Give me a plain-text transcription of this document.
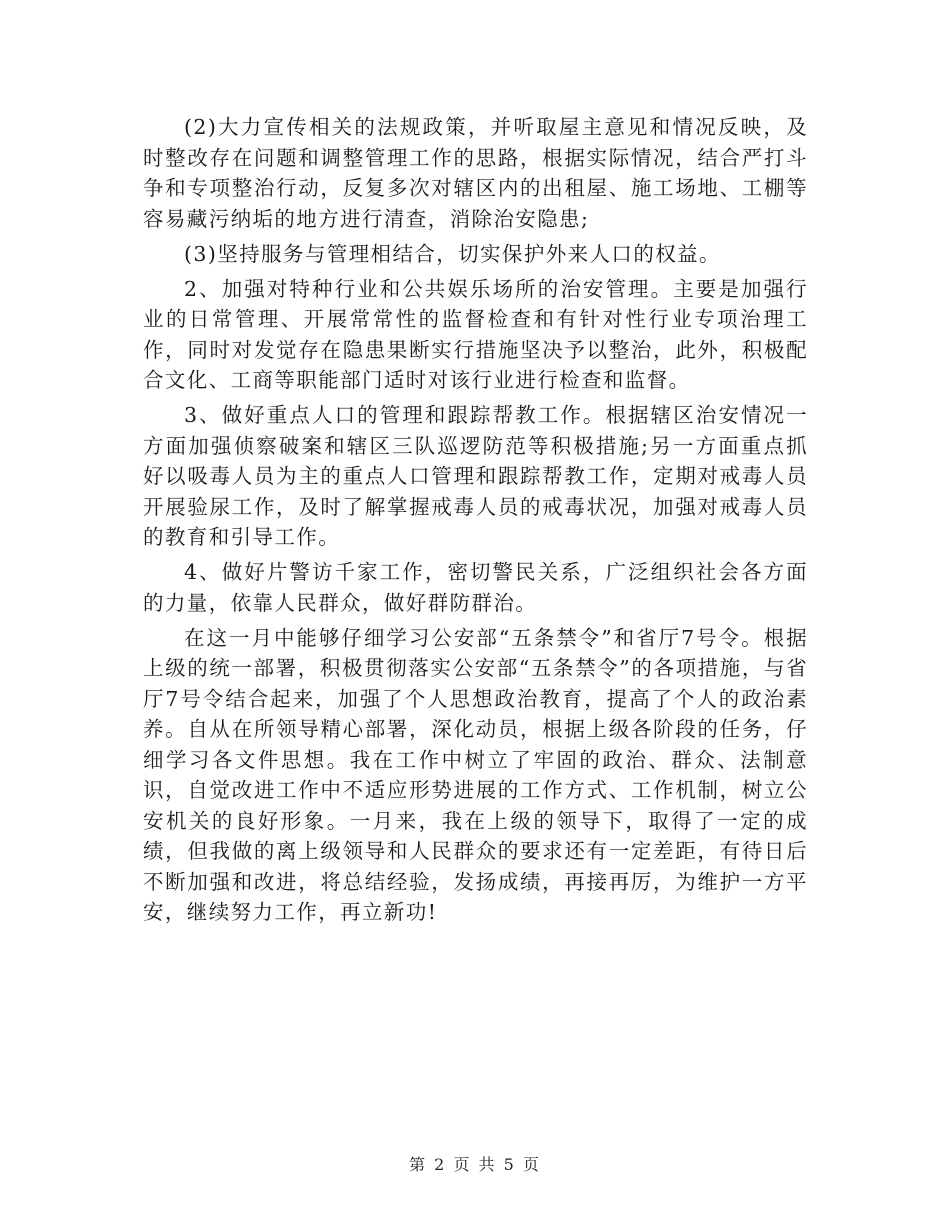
(2)大力宣传相关的法规政策，并听取屋主意见和情况反映，及时整改存在问题和调整管理工作的思路，根据实际情况，结合严打斗争和专项整治行动，反复多次对辖区内的出租屋、施工场地、工棚等容易藏污纳垢的地方进行清查，消除治安隐患;

(3)坚持服务与管理相结合，切实保护外来人口的权益。

2、加强对特种行业和公共娱乐场所的治安管理。主要是加强行业的日常管理、开展常常性的监督检查和有针对性行业专项治理工作，同时对发觉存在隐患果断实行措施坚决予以整治，此外，积极配合文化、工商等职能部门适时对该行业进行检查和监督。

3、做好重点人口的管理和跟踪帮教工作。根据辖区治安情况一方面加强侦察破案和辖区三队巡逻防范等积极措施;另一方面重点抓好以吸毒人员为主的重点人口管理和跟踪帮教工作，定期对戒毒人员开展验尿工作，及时了解掌握戒毒人员的戒毒状况，加强对戒毒人员的教育和引导工作。

4、做好片警访千家工作，密切警民关系，广泛组织社会各方面的力量，依靠人民群众，做好群防群治。

在这一月中能够仔细学习公安部“五条禁令”和省厅7号令。根据上级的统一部署，积极贯彻落实公安部“五条禁令”的各项措施，与省厅7号令结合起来，加强了个人思想政治教育，提高了个人的政治素养。自从在所领导精心部署，深化动员，根据上级各阶段的任务，仔细学习各文件思想。我在工作中树立了牢固的政治、群众、法制意识，自觉改进工作中不适应形势进展的工作方式、工作机制，树立公安机关的良好形象。一月来，我在上级的领导下，取得了一定的成绩，但我做的离上级领导和人民群众的要求还有一定差距，有待日后不断加强和改进，将总结经验，发扬成绩，再接再厉，为维护一方平安，继续努力工作，再立新功!

第 2 页 共 5 页
